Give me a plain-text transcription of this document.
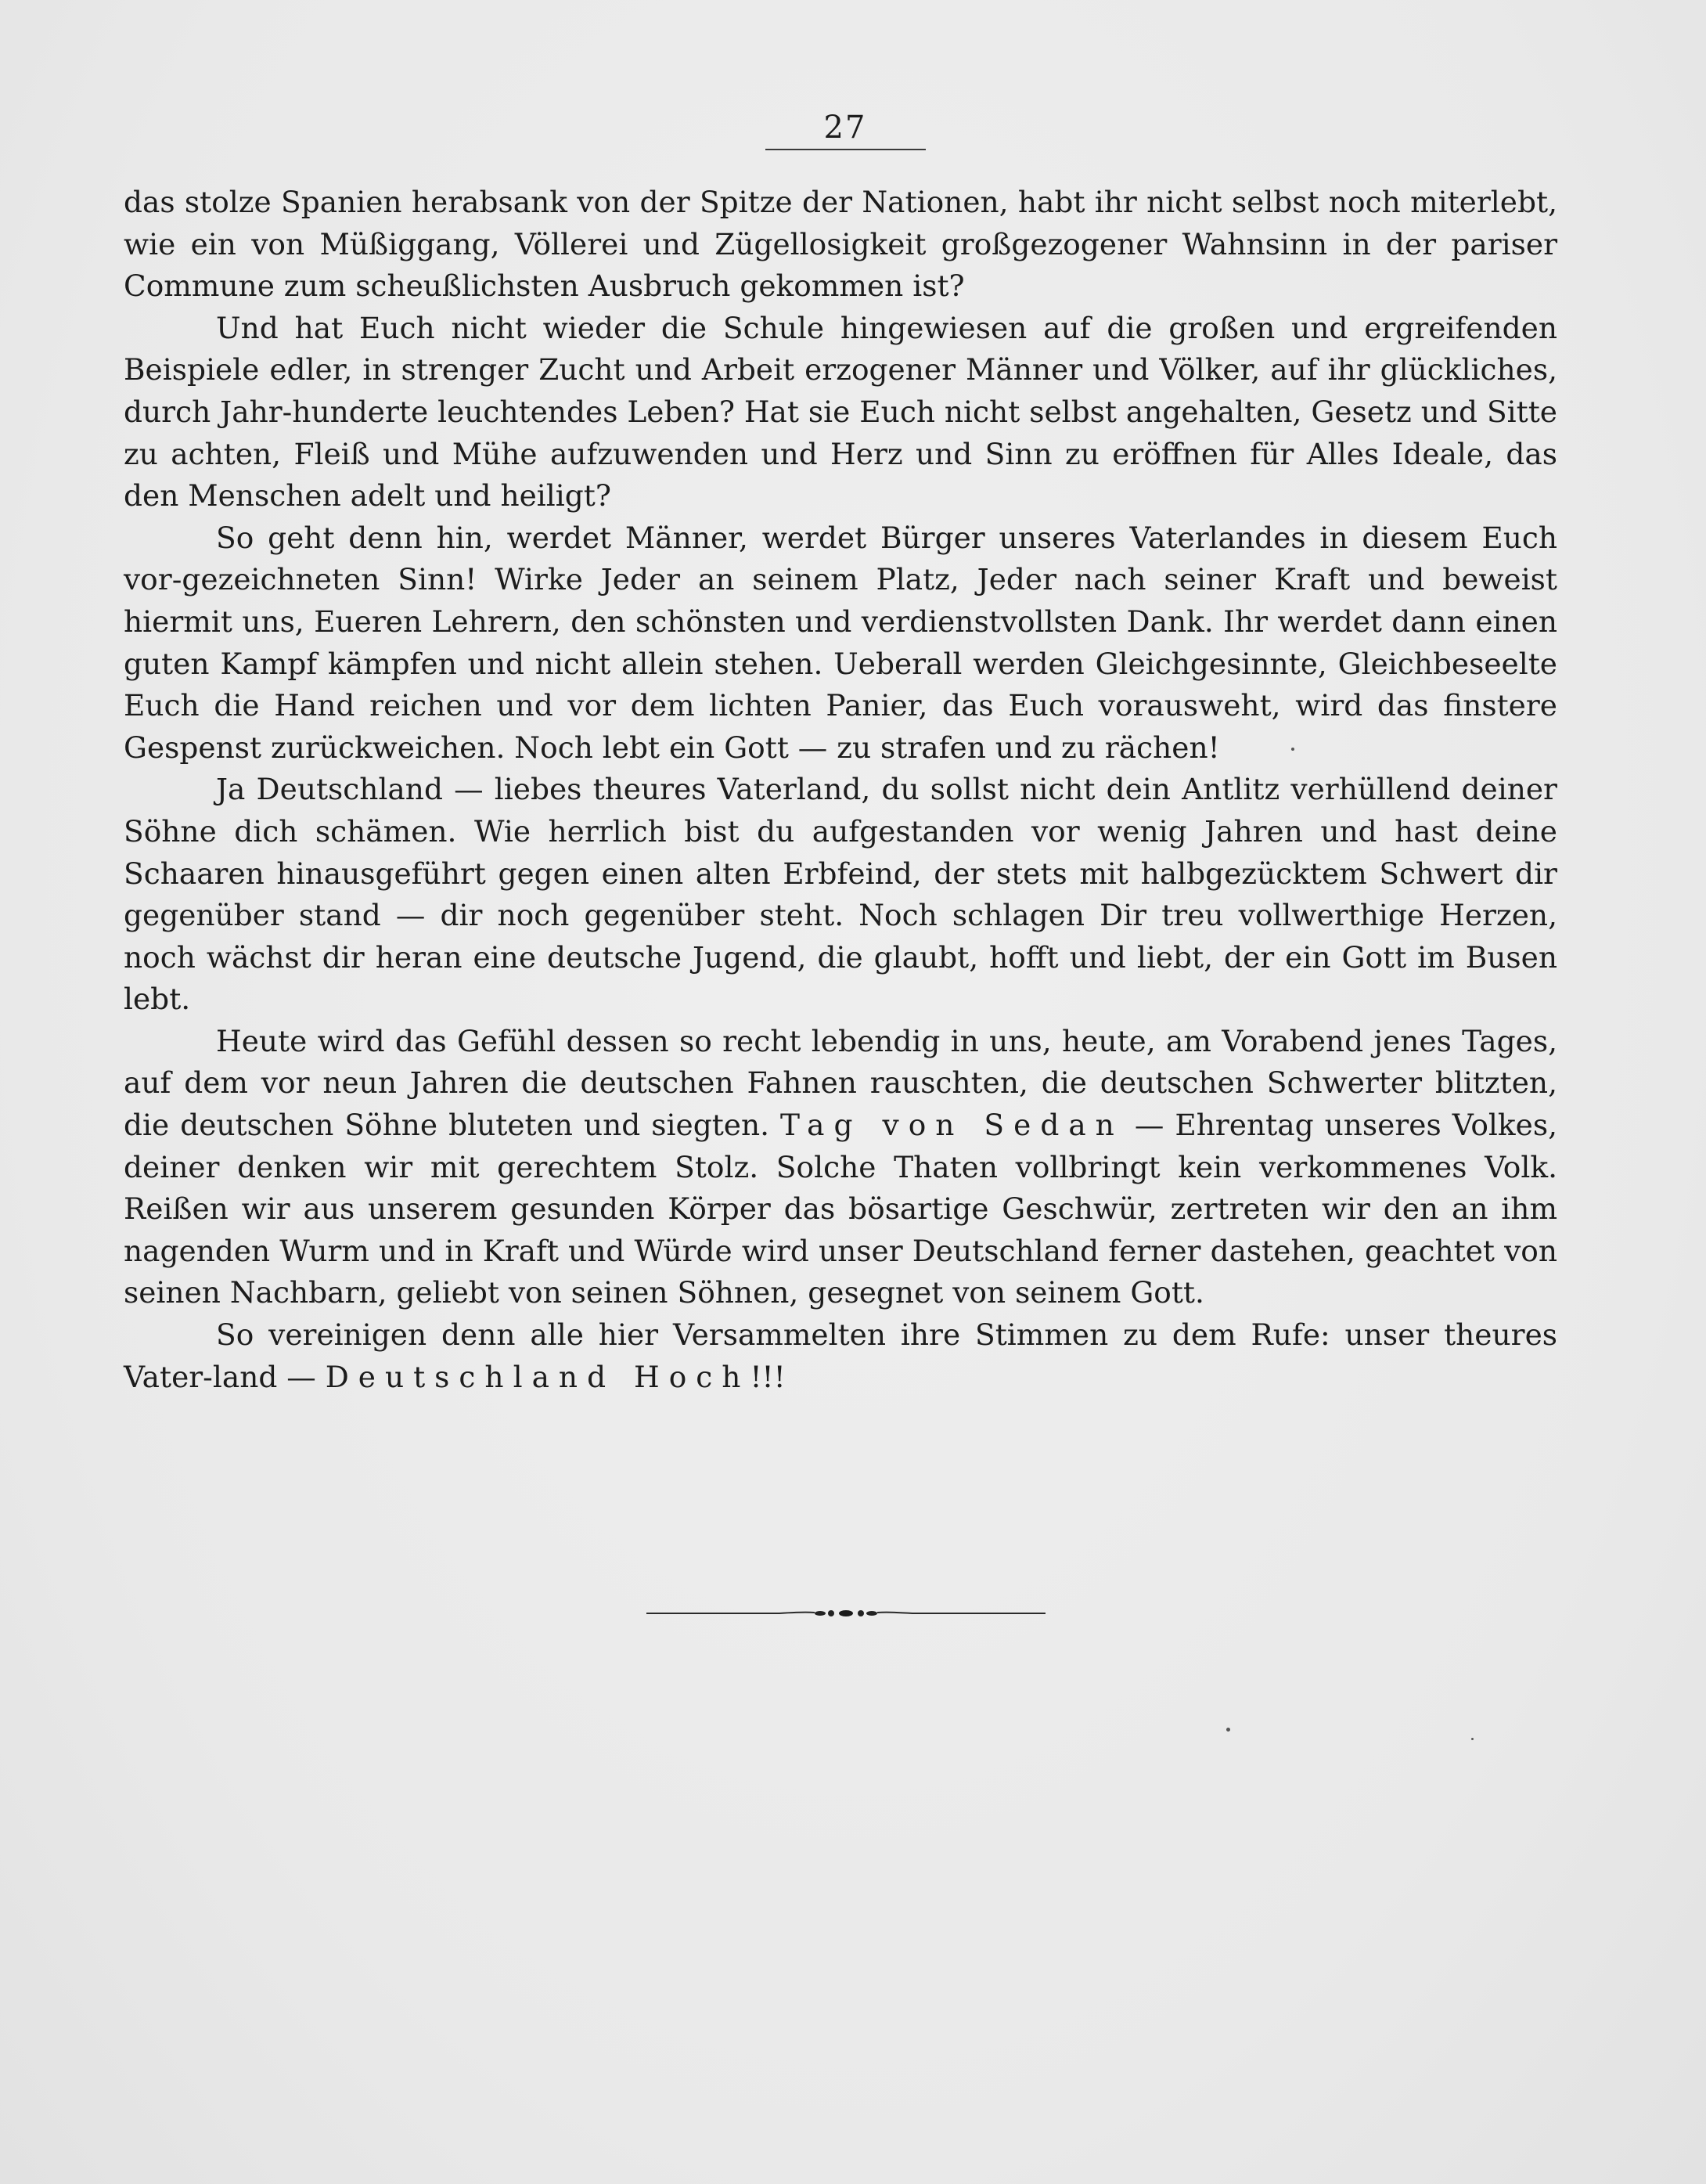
27

das stolze Spanien herabsank von der Spitze der Nationen, habt ihr nicht selbst noch miterlebt, wie ein von Müßiggang, Völlerei und Zügellosigkeit großgezogener Wahnsinn in der pariser Commune zum scheußlichsten Ausbruch gekommen ist?

Und hat Euch nicht wieder die Schule hingewiesen auf die großen und ergreifenden Beispiele edler, in strenger Zucht und Arbeit erzogener Männer und Völker, auf ihr glückliches, durch Jahr-hunderte leuchtendes Leben? Hat sie Euch nicht selbst angehalten, Gesetz und Sitte zu achten, Fleiß und Mühe aufzuwenden und Herz und Sinn zu eröffnen für Alles Ideale, das den Menschen adelt und heiligt?

So geht denn hin, werdet Männer, werdet Bürger unseres Vaterlandes in diesem Euch vor-gezeichneten Sinn! Wirke Jeder an seinem Platz, Jeder nach seiner Kraft und beweist hiermit uns, Eueren Lehrern, den schönsten und verdienstvollsten Dank. Ihr werdet dann einen guten Kampf kämpfen und nicht allein stehen. Ueberall werden Gleichgesinnte, Gleichbeseelte Euch die Hand reichen und vor dem lichten Panier, das Euch vorausweht, wird das finstere Gespenst zurückweichen. Noch lebt ein Gott — zu strafen und zu rächen!

Ja Deutschland — liebes theures Vaterland, du sollst nicht dein Antlitz verhüllend deiner Söhne dich schämen. Wie herrlich bist du aufgestanden vor wenig Jahren und hast deine Schaaren hinausgeführt gegen einen alten Erbfeind, der stets mit halbgezücktem Schwert dir gegenüber stand — dir noch gegenüber steht. Noch schlagen Dir treu vollwerthige Herzen, noch wächst dir heran eine deutsche Jugend, die glaubt, hofft und liebt, der ein Gott im Busen lebt.

Heute wird das Gefühl dessen so recht lebendig in uns, heute, am Vorabend jenes Tages, auf dem vor neun Jahren die deutschen Fahnen rauschten, die deutschen Schwerter blitzten, die deutschen Söhne bluteten und siegten. Tag von Sedan — Ehrentag unseres Volkes, deiner denken wir mit gerechtem Stolz. Solche Thaten vollbringt kein verkommenes Volk. Reißen wir aus unserem gesunden Körper das bösartige Geschwür, zertreten wir den an ihm nagenden Wurm und in Kraft und Würde wird unser Deutschland ferner dastehen, geachtet von seinen Nachbarn, geliebt von seinen Söhnen, gesegnet von seinem Gott.

So vereinigen denn alle hier Versammelten ihre Stimmen zu dem Rufe: unser theures Vater-land — Deutschland Hoch!!!
